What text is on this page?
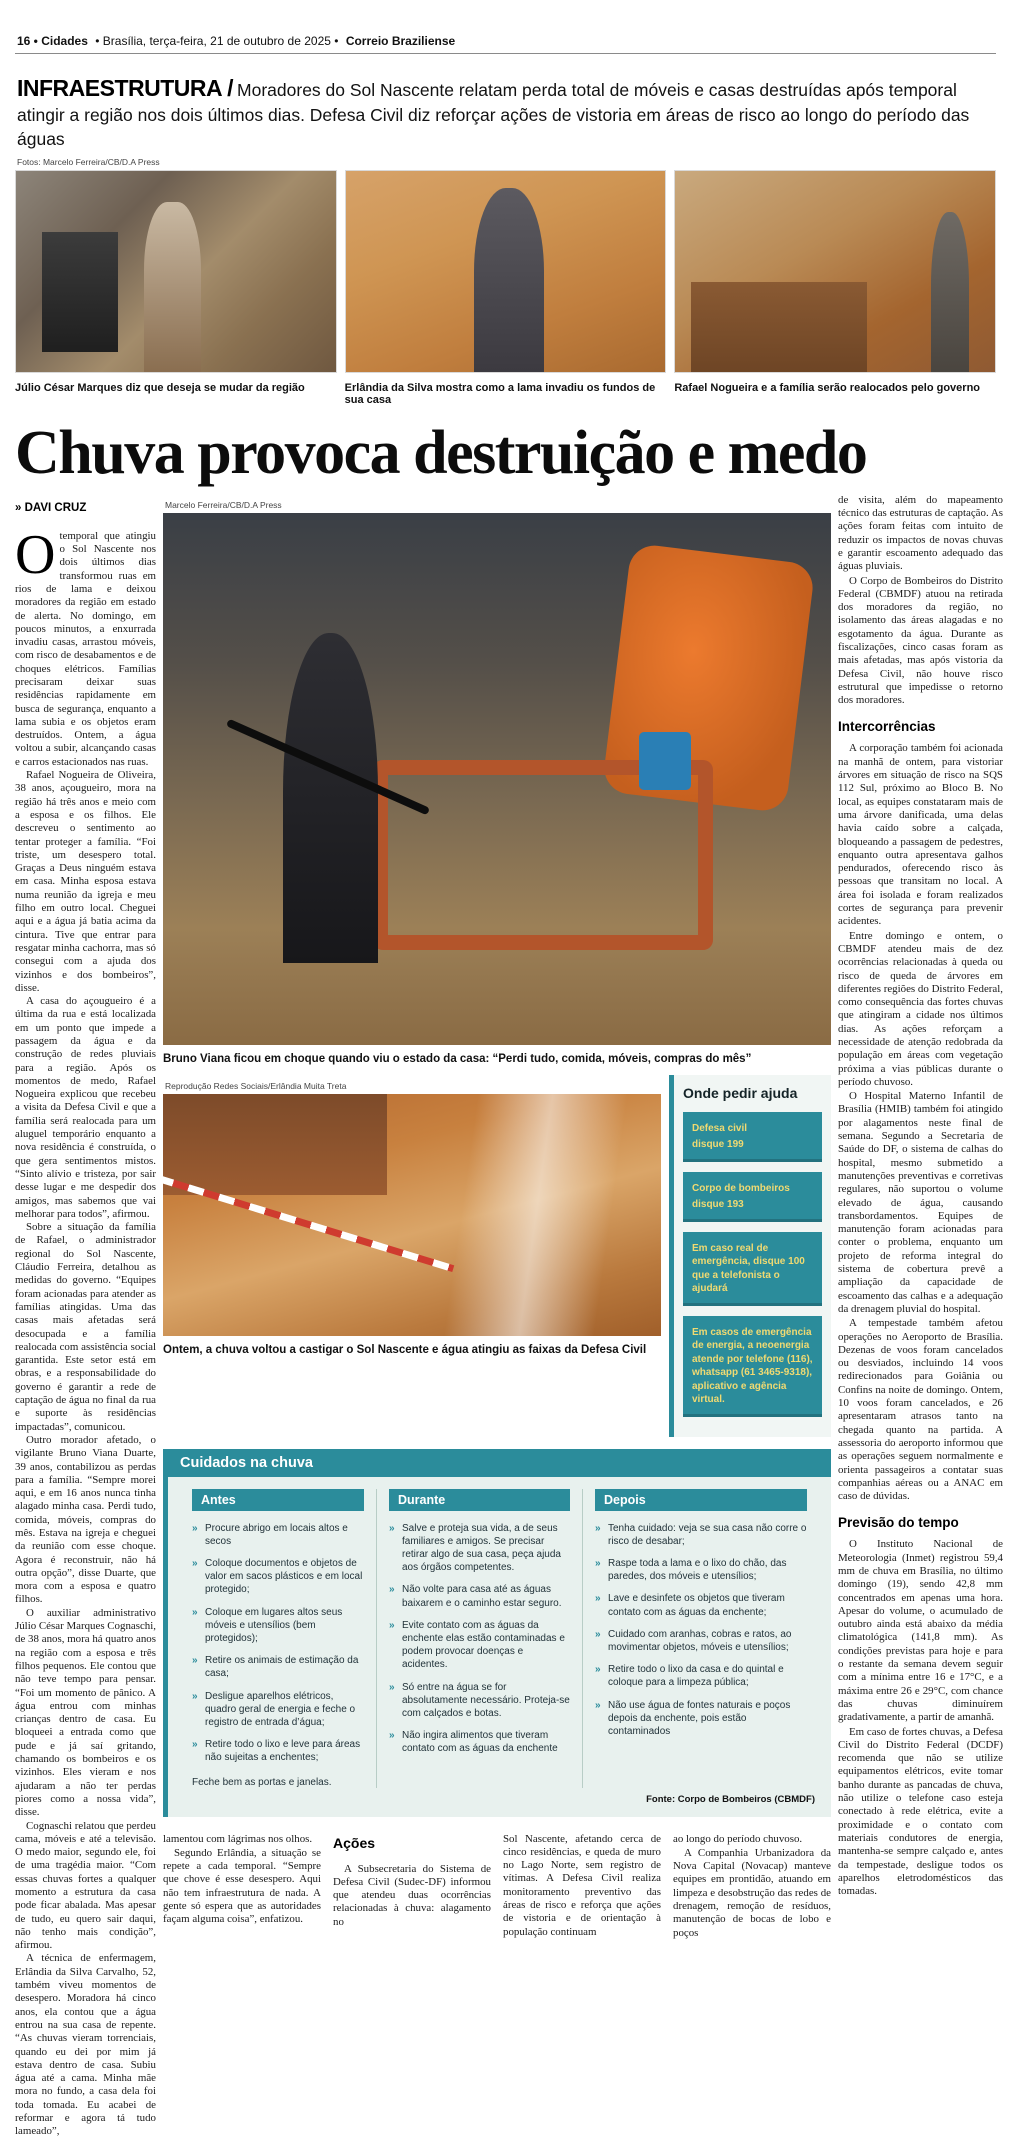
16 • Cidades • Brasília, terça-feira, 21 de outubro de 2025 • Correio Braziliense

INFRAESTRUTURA / Moradores do Sol Nascente relatam perda total de móveis e casas destruídas após temporal atingir a região nos dois últimos dias. Defesa Civil diz reforçar ações de vistoria em áreas de risco ao longo do período das águas

Fotos: Marcelo Ferreira/CB/D.A Press
Júlio César Marques diz que deseja se mudar da região	Erlândia da Silva mostra como a lama invadiu os fundos de sua casa
Rafael Nogueira e a família serão realocados pelo governo
Chuva provoca destruição e medo
» DAVI CRUZ

O temporal que atingiu o Sol Nascente nos dois últimos dias transformou ruas em rios de lama e deixou moradores da região em estado de alerta. No domingo, em poucos minutos, a enxurrada invadiu casas, arrastou móveis, com risco de desabamentos e de choques elétricos. Famílias precisaram deixar suas residências rapidamente em busca de segurança, enquanto a lama subia e os objetos eram destruídos. Ontem, a água voltou a subir, alcançando casas e carros estacionados nas ruas.

Rafael Nogueira de Oliveira, 38 anos, açougueiro, mora na região há três anos e meio com a esposa e os filhos. Ele descreveu o sentimento ao tentar proteger a família. “Foi triste, um desespero total. Graças a Deus ninguém estava em casa. Minha esposa estava numa reunião da igreja e meu filho em outro local. Cheguei aqui e a água já batia acima da cintura. Tive que entrar para resgatar minha cachorra, mas só consegui com a ajuda dos vizinhos e dos bombeiros”, disse.

A casa do açougueiro é a última da rua e está localizada em um ponto que impede a passagem da água e da construção de redes pluviais para a região. Após os momentos de medo, Rafael Nogueira explicou que recebeu a visita da Defesa Civil e que a família será realocada para um aluguel temporário enquanto a nova residência é construída, o que gera sentimentos mistos. “Sinto alívio e tristeza, por sair desse lugar e me despedir dos amigos, mas sabemos que vai melhorar para todos”, afirmou.

Sobre a situação da família de Rafael, o administrador regional do Sol Nascente, Cláudio Ferreira, detalhou as medidas do governo. “Equipes foram acionadas para atender as famílias atingidas. Uma das casas mais afetadas será desocupada e a família realocada com assistência social garantida. Este setor está em obras, e a responsabilidade do governo é garantir a rede de captação de água no final da rua e suporte às residências impactadas”, comunicou.

Outro morador afetado, o vigilante Bruno Viana Duarte, 39 anos, contabilizou as perdas para a família. “Sempre morei aqui, e em 16 anos nunca tinha alagado minha casa. Perdi tudo, comida, móveis, compras do mês. Estava na igreja e cheguei da reunião com esse choque. Agora é reconstruir, não há outra opção”, disse Duarte, que mora com a esposa e quatro filhos.

O auxiliar administrativo Júlio César Marques Cognaschi, de 38 anos, mora há quatro anos na região com a esposa e três filhos pequenos. Ele contou que não teve tempo para pensar. “Foi um momento de pânico. A água entrou com minhas crianças dentro de casa. Eu bloqueei a entrada como que pude e já saí gritando, chamando os bombeiros e os vizinhos. Eles vieram e nos ajudaram a não ter perdas piores como a nossa vida”, disse.

Cognaschi relatou que perdeu cama, móveis e até a televisão. O medo maior, segundo ele, foi de uma tragédia maior. “Com essas chuvas fortes a qualquer momento a estrutura da casa pode ficar abalada. Mas apesar de tudo, eu quero sair daqui, não tenho mais condição”, afirmou.

A técnica de enfermagem, Erlândia da Silva Carvalho, 52, também viveu momentos de desespero. Moradora há cinco anos, ela contou que a água entrou na sua casa de repente. “As chuvas vieram torrenciais, quando eu dei por mim já estava dentro de casa. Subiu água até a cama. Minha mãe mora no fundo, a casa dela foi toda tomada. Eu acabei de reformar e agora tá tudo lameado”,

Marcelo Ferreira/CB/D.A Press
Bruno Viana ficou em choque quando viu o estado da casa: “Perdi tudo, comida, móveis, compras do mês”
Reprodução Redes Sociais/Erlândia Muita Treta
Ontem, a chuva voltou a castigar o Sol Nascente e água atingiu as faixas da Defesa Civil
Onde pedir ajuda
Defesa civil
disque 199
Corpo de bombeiros
disque 193
Em caso real de emergência, disque 100 que a telefonista o ajudará
Em casos de emergência de energia, a neoenergia atende por telefone (116), whatsapp (61 3465-9318), aplicativo e agência virtual.
Cuidados na chuva
Antes
» Procure abrigo em locais altos e secos
» Coloque documentos e objetos de valor em sacos plásticos e em local protegido;
» Coloque em lugares altos seus móveis e utensílios (bem protegidos);
» Retire os animais de estimação da casa;
» Desligue aparelhos elétricos, quadro geral de energia e feche o registro de entrada d’água;
» Retire todo o lixo e leve para áreas não sujeitas a enchentes;
Feche bem as portas e janelas.
Durante
» Salve e proteja sua vida, a de seus familiares e amigos. Se precisar retirar algo de sua casa, peça ajuda aos órgãos competentes.
» Não volte para casa até as águas baixarem e o caminho estar seguro.
» Evite contato com as águas da enchente elas estão contaminadas e podem provocar doenças e acidentes.
» Só entre na água se for absolutamente necessário. Proteja-se com calçados e botas.
» Não ingira alimentos que tiveram contato com as águas da enchente
Depois
» Tenha cuidado: veja se sua casa não corre o risco de desabar;
» Raspe toda a lama e o lixo do chão, das paredes, dos móveis e utensílios;
» Lave e desinfete os objetos que tiveram contato com as águas da enchente;
» Cuidado com aranhas, cobras e ratos, ao movimentar objetos, móveis e utensílios;
» Retire todo o lixo da casa e do quintal e coloque para a limpeza pública;
» Não use água de fontes naturais e poços depois da enchente, pois estão contaminados
Fonte: Corpo de Bombeiros (CBMDF)

lamentou com lágrimas nos olhos.

Segundo Erlândia, a situação se repete a cada temporal. “Sempre que chove é esse desespero. Aqui não tem infraestrutura de nada. A gente só espera que as autoridades façam alguma coisa”, enfatizou.

Ações

A Subsecretaria do Sistema de Defesa Civil (Sudec-DF) informou que atendeu duas ocorrências relacionadas à chuva: alagamento no

Sol Nascente, afetando cerca de cinco residências, e queda de muro no Lago Norte, sem registro de vítimas. A Defesa Civil realiza monitoramento preventivo das áreas de risco e reforça que ações de vistoria e de orientação à população continuam

ao longo do período chuvoso.

A Companhia Urbanizadora da Nova Capital (Novacap) manteve equipes em prontidão, atuando em limpeza e desobstrução das redes de drenagem, remoção de resíduos, manutenção de bocas de lobo e poços

de visita, além do mapeamento técnico das estruturas de captação. As ações foram feitas com intuito de reduzir os impactos de novas chuvas e garantir escoamento adequado das águas pluviais.

O Corpo de Bombeiros do Distrito Federal (CBMDF) atuou na retirada dos moradores da região, no isolamento das áreas alagadas e no esgotamento da água. Durante as fiscalizações, cinco casas foram as mais afetadas, mas após vistoria da Defesa Civil, não houve risco estrutural que impedisse o retorno dos moradores.

Intercorrências

A corporação também foi acionada na manhã de ontem, para vistoriar árvores em situação de risco na SQS 112 Sul, próximo ao Bloco B. No local, as equipes constataram mais de uma árvore danificada, uma delas havia caído sobre a calçada, bloqueando a passagem de pedestres, enquanto outra apresentava galhos pendurados, oferecendo risco às pessoas que transitam no local. A área foi isolada e foram realizados cortes de segurança para prevenir acidentes.

Entre domingo e ontem, o CBMDF atendeu mais de dez ocorrências relacionadas à queda ou risco de queda de árvores em diferentes regiões do Distrito Federal, como consequência das fortes chuvas que atingiram a cidade nos últimos dias. As ações reforçam a necessidade de atenção redobrada da população em áreas com vegetação próxima a vias públicas durante o período chuvoso.

O Hospital Materno Infantil de Brasília (HMIB) também foi atingido por alagamentos neste final de semana. Segundo a Secretaria de Saúde do DF, o sistema de calhas do hospital, mesmo submetido a manutenções preventivas e corretivas regulares, não suportou o volume elevado de água, causando transbordamentos. Equipes de manutenção foram acionadas para conter o problema, enquanto um projeto de reforma integral do sistema de cobertura prevê a ampliação da capacidade de escoamento das calhas e a adequação da drenagem pluvial do hospital.

A tempestade também afetou operações no Aeroporto de Brasília. Dezenas de voos foram cancelados ou desviados, incluindo 14 voos redirecionados para Goiânia ou Confins na noite de domingo. Ontem, 10 voos foram cancelados, e 26 apresentaram atrasos tanto na chegada quanto na partida. A assessoria do aeroporto informou que as operações seguem normalmente e orienta passageiros a contatar suas companhias aéreas ou a ANAC em caso de dúvidas.

Previsão do tempo

O Instituto Nacional de Meteorologia (Inmet) registrou 59,4 mm de chuva em Brasília, no último domingo (19), sendo 42,8 mm concentrados em apenas uma hora. Apesar do volume, o acumulado de outubro ainda está abaixo da média climatológica (141,8 mm). As condições previstas para hoje e para o restante da semana devem seguir com a mínima entre 16 e 17°C, e a máxima entre 26 e 29°C, com chance das chuvas diminuírem gradativamente, a partir de amanhã.

Em caso de fortes chuvas, a Defesa Civil do Distrito Federal (DCDF) recomenda que não se utilize equipamentos elétricos, evite tomar banho durante as pancadas de chuva, não utilize o telefone caso esteja conectado à rede elétrica, evite a proximidade e o contato com materiais condutores de energia, mantenha-se sempre calçado e, antes da tempestade, desligue todos os aparelhos eletrodomésticos das tomadas.
